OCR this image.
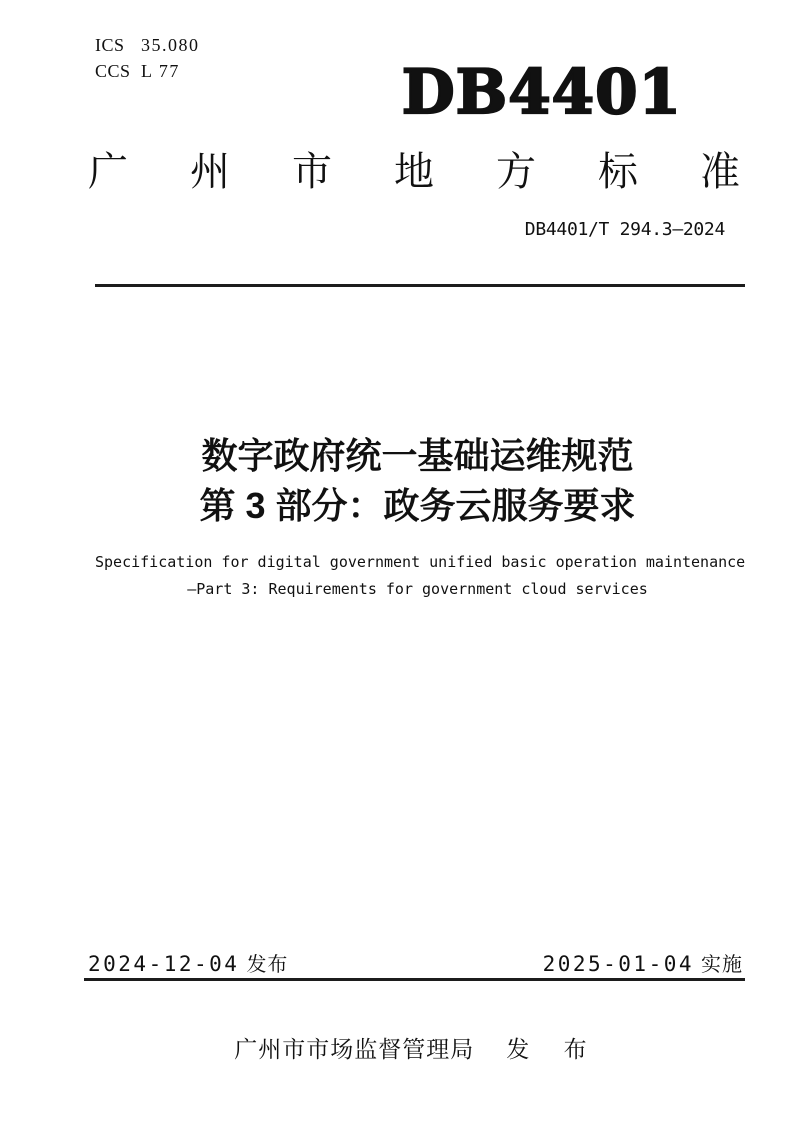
ICS 35.080
CCS L 77	DB4401
广 州 市 地 方 标 准
DB4401/T 294.3—2024
数字政府统一基础运维规范
第 3 部分：政务云服务要求
Specification for digital government unified basic operation maintenance
—Part 3: Requirements for government cloud services
2024-12-04 发布	2025-01-04 实施
广州市市场监督管理局 发 布
